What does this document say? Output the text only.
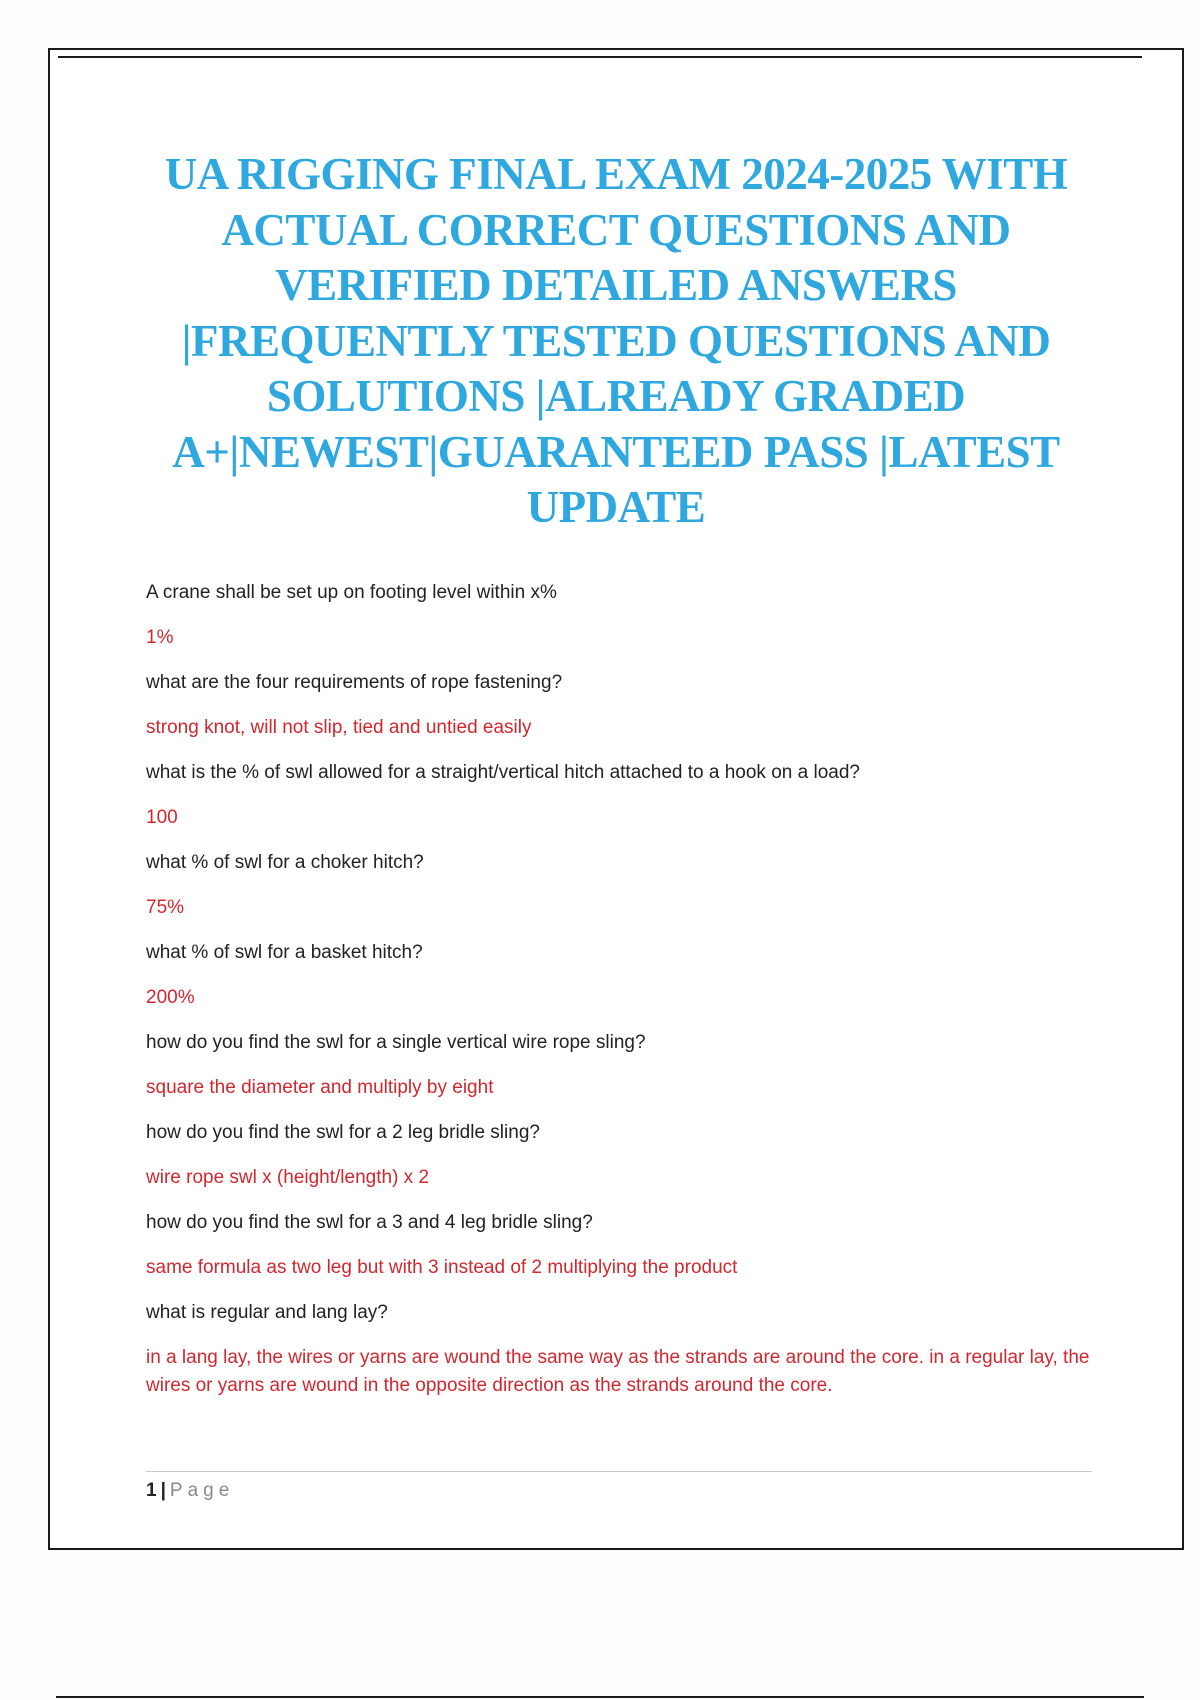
UA RIGGING FINAL EXAM 2024-2025 WITH ACTUAL CORRECT QUESTIONS AND VERIFIED DETAILED ANSWERS |FREQUENTLY TESTED QUESTIONS AND SOLUTIONS |ALREADY GRADED A+|NEWEST|GUARANTEED PASS |LATEST UPDATE

A crane shall be set up on footing level within x%

1%

what are the four requirements of rope fastening?

strong knot, will not slip, tied and untied easily

what is the % of swl allowed for a straight/vertical hitch attached to a hook on a load?

100

what % of swl for a choker hitch?

75%

what % of swl for a basket hitch?

200%

how do you find the swl for a single vertical wire rope sling?

square the diameter and multiply by eight

how do you find the swl for a 2 leg bridle sling?

wire rope swl x (height/length) x 2

how do you find the swl for a 3 and 4 leg bridle sling?

same formula as two leg but with 3 instead of 2 multiplying the product

what is regular and lang lay?

in a lang lay, the wires or yarns are wound the same way as the strands are around the core. in a regular lay, the wires or yarns are wound in the opposite direction as the strands around the core.

1 | Page
